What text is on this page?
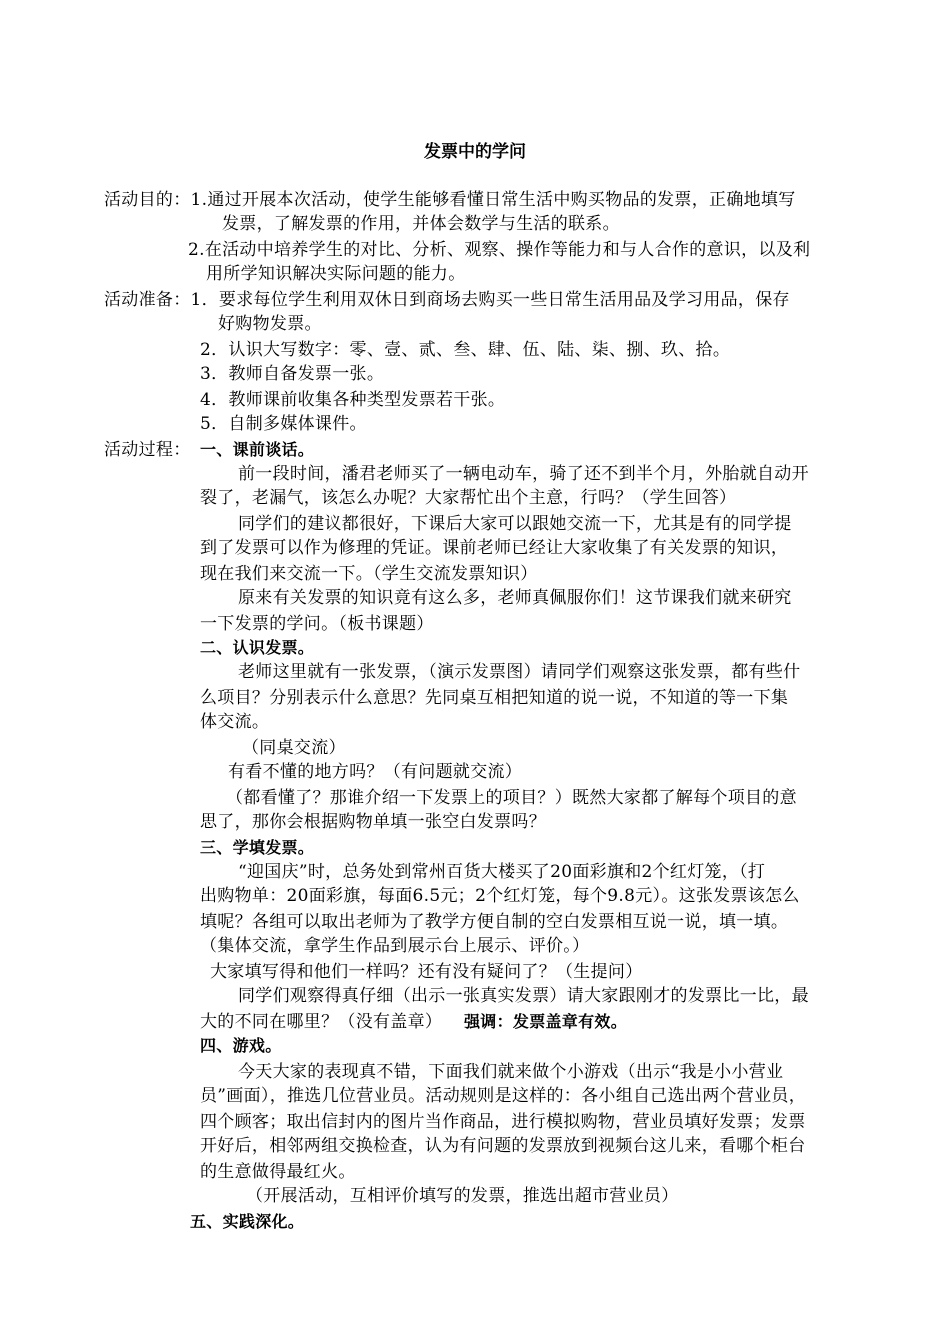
发票中的学问
活动目的：1.通过开展本次活动，使学生能够看懂日常生活中购买物品的发票，正确地填写
发票，了解发票的作用，并体会数学与生活的联系。
2.在活动中培养学生的对比、分析、观察、操作等能力和与人合作的意识，以及利
用所学知识解决实际问题的能力。
活动准备：1．要求每位学生利用双休日到商场去购买一些日常生活用品及学习用品，保存
好购物发票。
2．认识大写数字：零、壹、贰、叁、肆、伍、陆、柒、捌、玖、拾。
3．教师自备发票一张。
4．教师课前收集各种类型发票若干张。
5．自制多媒体课件。
活动过程： 一、课前谈话。
前一段时间，潘君老师买了一辆电动车，骑了还不到半个月，外胎就自动开
裂了，老漏气，该怎么办呢？大家帮忙出个主意，行吗？（学生回答）
同学们的建议都很好，下课后大家可以跟她交流一下，尤其是有的同学提
到了发票可以作为修理的凭证。课前老师已经让大家收集了有关发票的知识，
现在我们来交流一下。（学生交流发票知识）
原来有关发票的知识竟有这么多，老师真佩服你们！这节课我们就来研究
一下发票的学问。（板书课题）
二、认识发票。
老师这里就有一张发票，（演示发票图）请同学们观察这张发票，都有些什
么项目？分别表示什么意思？先同桌互相把知道的说一说，不知道的等一下集
体交流。
（同桌交流）
有看不懂的地方吗？（有问题就交流）
（都看懂了？那谁介绍一下发票上的项目？）既然大家都了解每个项目的意
思了，那你会根据购物单填一张空白发票吗？
三、学填发票。
“迎国庆”时，总务处到常州百货大楼买了20面彩旗和2个红灯笼，（打
出购物单：20面彩旗，每面6.5元；2个红灯笼，每个9.8元）。这张发票该怎么
填呢？各组可以取出老师为了教学方便自制的空白发票相互说一说，填一填。
（集体交流，拿学生作品到展示台上展示、评价。）
大家填写得和他们一样吗？还有没有疑问了？（生提问）
同学们观察得真仔细（出示一张真实发票）请大家跟刚才的发票比一比，最
大的不同在哪里？（没有盖章） 强调：发票盖章有效。
四、游戏。
今天大家的表现真不错，下面我们就来做个小游戏（出示“我是小小营业
员”画面），推选几位营业员。活动规则是这样的：各小组自己选出两个营业员，
四个顾客；取出信封内的图片当作商品，进行模拟购物，营业员填好发票；发票
开好后，相邻两组交换检查，认为有问题的发票放到视频台这儿来，看哪个柜台
的生意做得最红火。
（开展活动，互相评价填写的发票，推选出超市营业员）
五、实践深化。
